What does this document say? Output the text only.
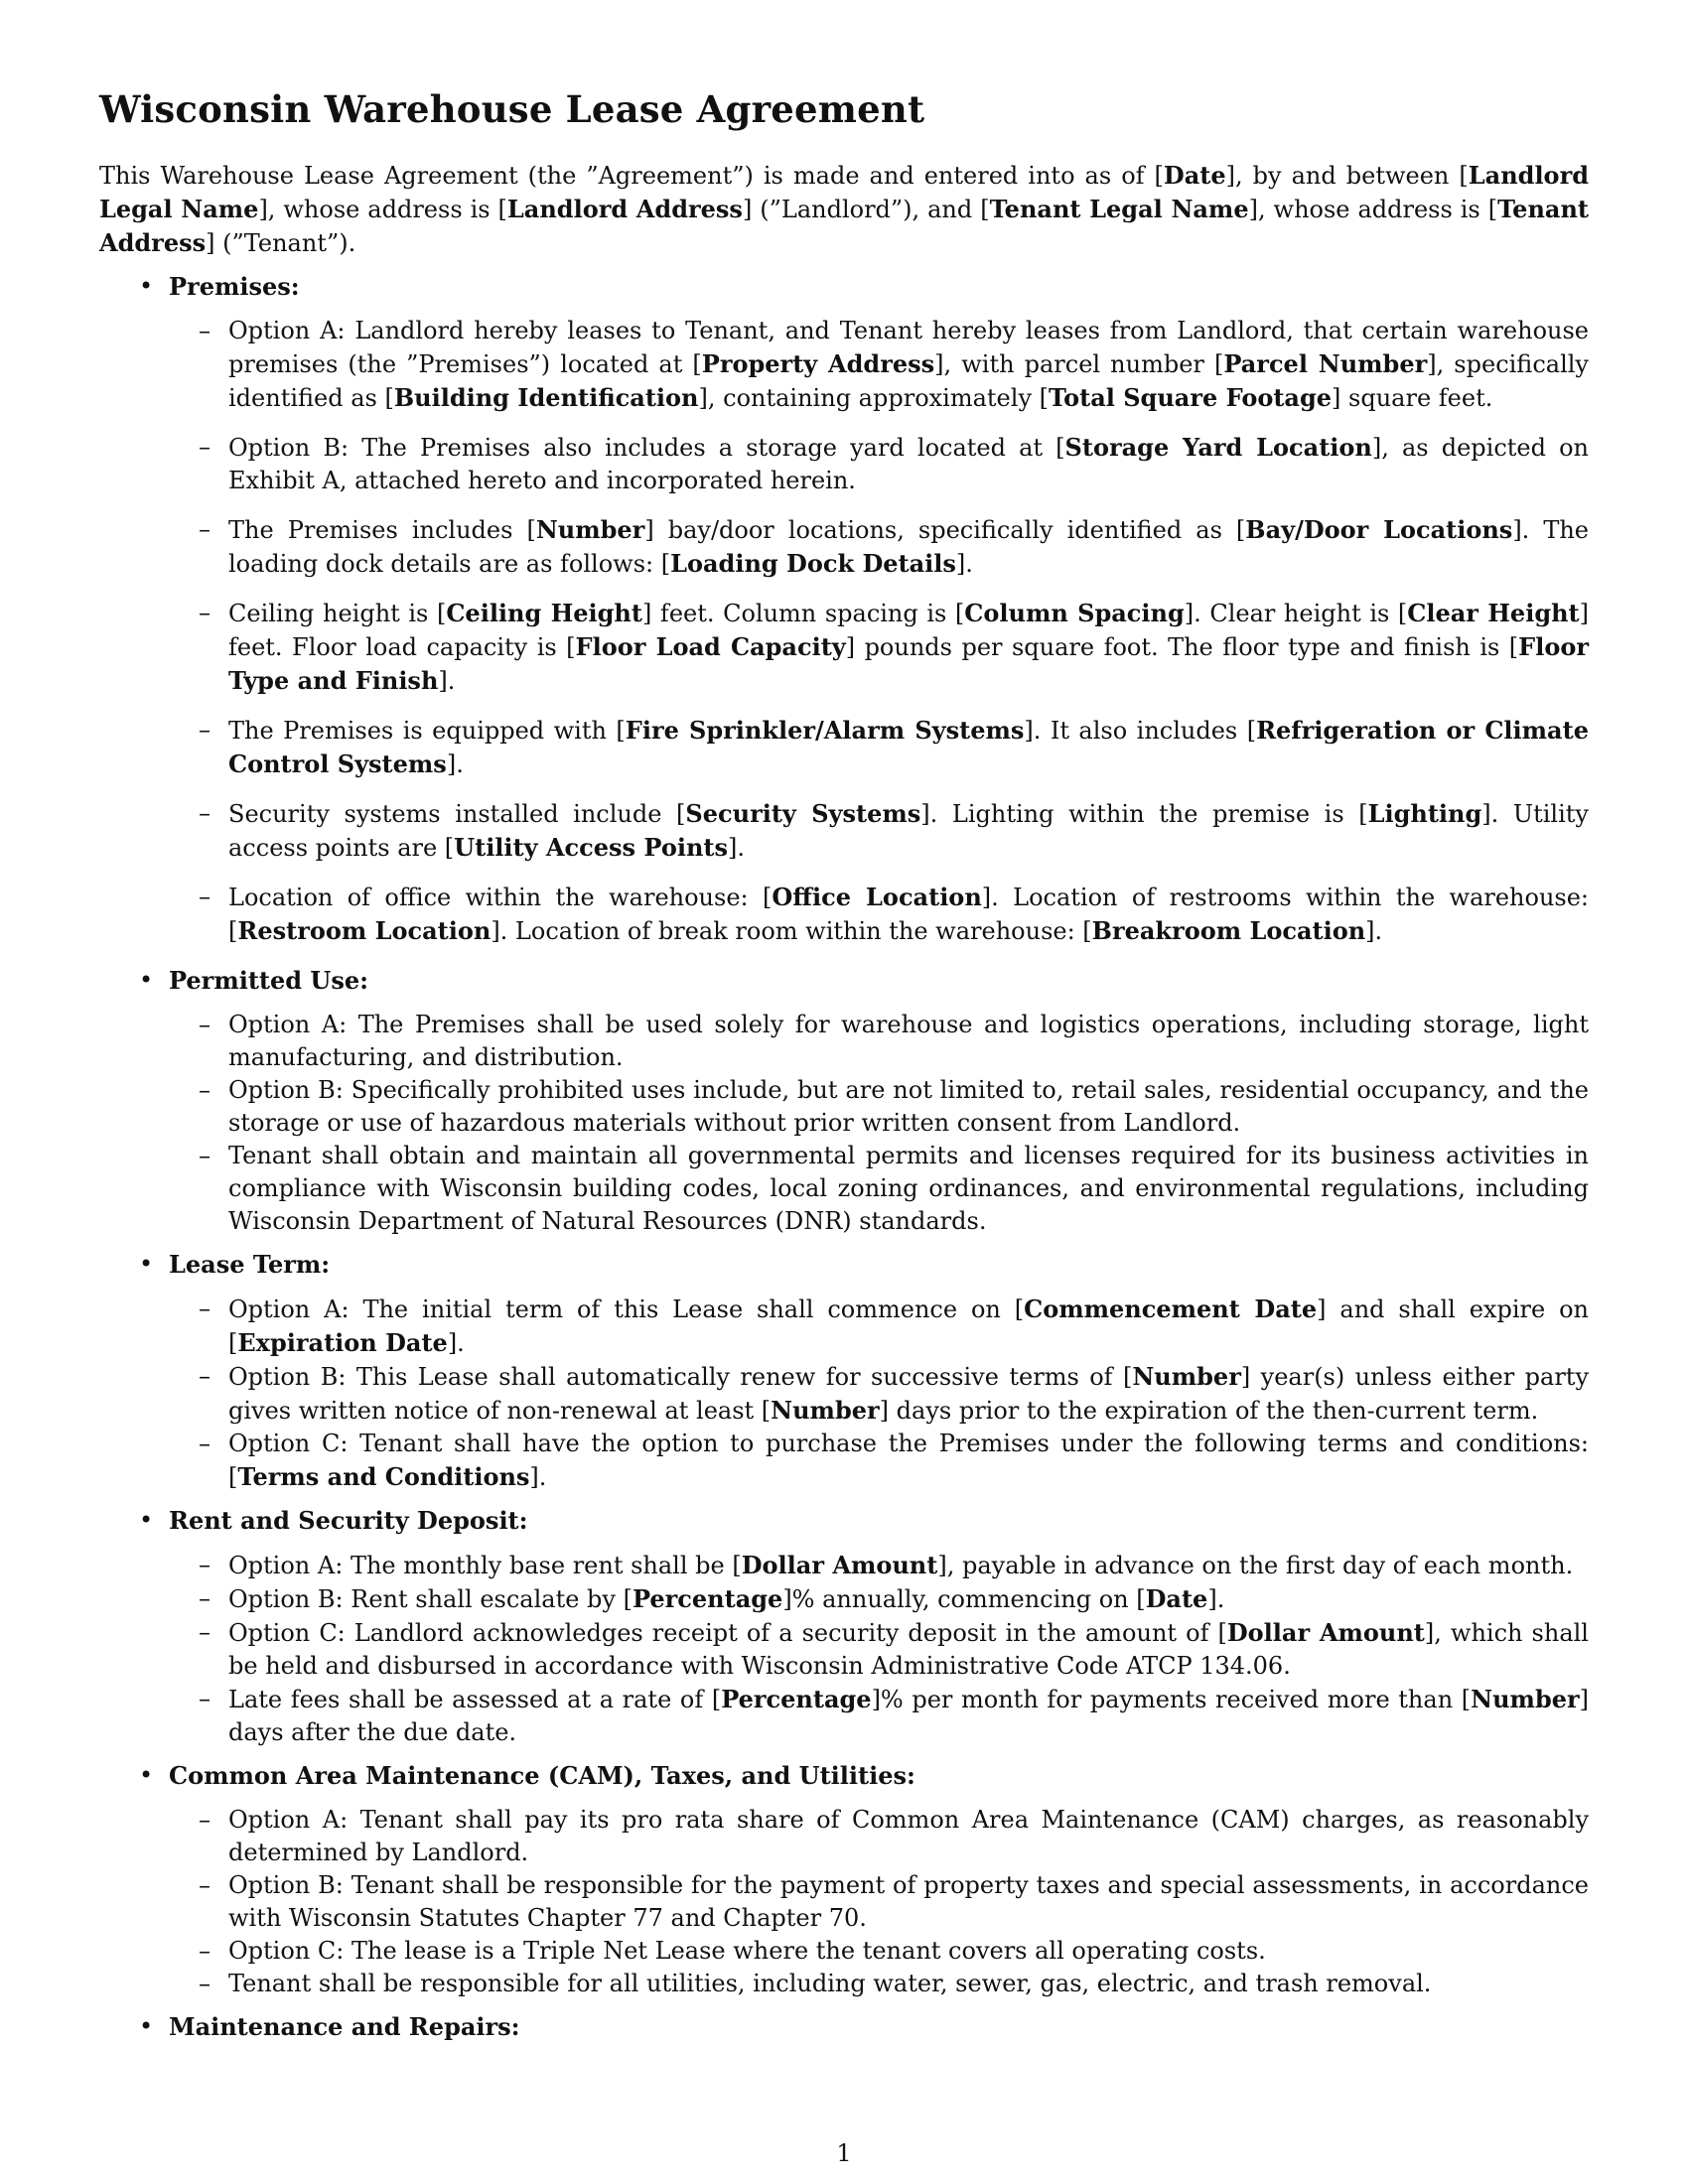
Wisconsin Warehouse Lease Agreement

This Warehouse Lease Agreement (the ”Agreement”) is made and entered into as of [Date], by and between [Landlord Legal Name], whose address is [Landlord Address] (”Landlord”), and [Tenant Legal Name], whose address is [Tenant Address] (”Tenant”).

• Premises:
– Option A: Landlord hereby leases to Tenant, and Tenant hereby leases from Landlord, that certain warehouse premises (the ”Premises”) located at [Property Address], with parcel number [Parcel Number], specifically identified as [Building Identification], containing approximately [Total Square Footage] square feet.
– Option B: The Premises also includes a storage yard located at [Storage Yard Location], as depicted on Exhibit A, attached hereto and incorporated herein.
– The Premises includes [Number] bay/door locations, specifically identified as [Bay/Door Locations]. The loading dock details are as follows: [Loading Dock Details].
– Ceiling height is [Ceiling Height] feet. Column spacing is [Column Spacing]. Clear height is [Clear Height] feet. Floor load capacity is [Floor Load Capacity] pounds per square foot. The floor type and finish is [Floor Type and Finish].
– The Premises is equipped with [Fire Sprinkler/Alarm Systems]. It also includes [Refrigeration or Climate Control Systems].
– Security systems installed include [Security Systems]. Lighting within the premise is [Lighting]. Utility access points are [Utility Access Points].
– Location of office within the warehouse: [Office Location]. Location of restrooms within the warehouse: [Restroom Location]. Location of break room within the warehouse: [Breakroom Location].
• Permitted Use:
– Option A: The Premises shall be used solely for warehouse and logistics operations, including storage, light manufacturing, and distribution.
– Option B: Specifically prohibited uses include, but are not limited to, retail sales, residential occupancy, and the storage or use of hazardous materials without prior written consent from Landlord.
– Tenant shall obtain and maintain all governmental permits and licenses required for its business activities in compliance with Wisconsin building codes, local zoning ordinances, and environmental regulations, including Wisconsin Department of Natural Resources (DNR) standards.
• Lease Term:
– Option A: The initial term of this Lease shall commence on [Commencement Date] and shall expire on [Expiration Date].
– Option B: This Lease shall automatically renew for successive terms of [Number] year(s) unless either party gives written notice of non-renewal at least [Number] days prior to the expiration of the then-current term.
– Option C: Tenant shall have the option to purchase the Premises under the following terms and conditions: [Terms and Conditions].
• Rent and Security Deposit:
– Option A: The monthly base rent shall be [Dollar Amount], payable in advance on the first day of each month.
– Option B: Rent shall escalate by [Percentage]% annually, commencing on [Date].
– Option C: Landlord acknowledges receipt of a security deposit in the amount of [Dollar Amount], which shall be held and disbursed in accordance with Wisconsin Administrative Code ATCP 134.06.
– Late fees shall be assessed at a rate of [Percentage]% per month for payments received more than [Number] days after the due date.
• Common Area Maintenance (CAM), Taxes, and Utilities:
– Option A: Tenant shall pay its pro rata share of Common Area Maintenance (CAM) charges, as reasonably determined by Landlord.
– Option B: Tenant shall be responsible for the payment of property taxes and special assessments, in accordance with Wisconsin Statutes Chapter 77 and Chapter 70.
– Option C: The lease is a Triple Net Lease where the tenant covers all operating costs.
– Tenant shall be responsible for all utilities, including water, sewer, gas, electric, and trash removal.
• Maintenance and Repairs:
1
